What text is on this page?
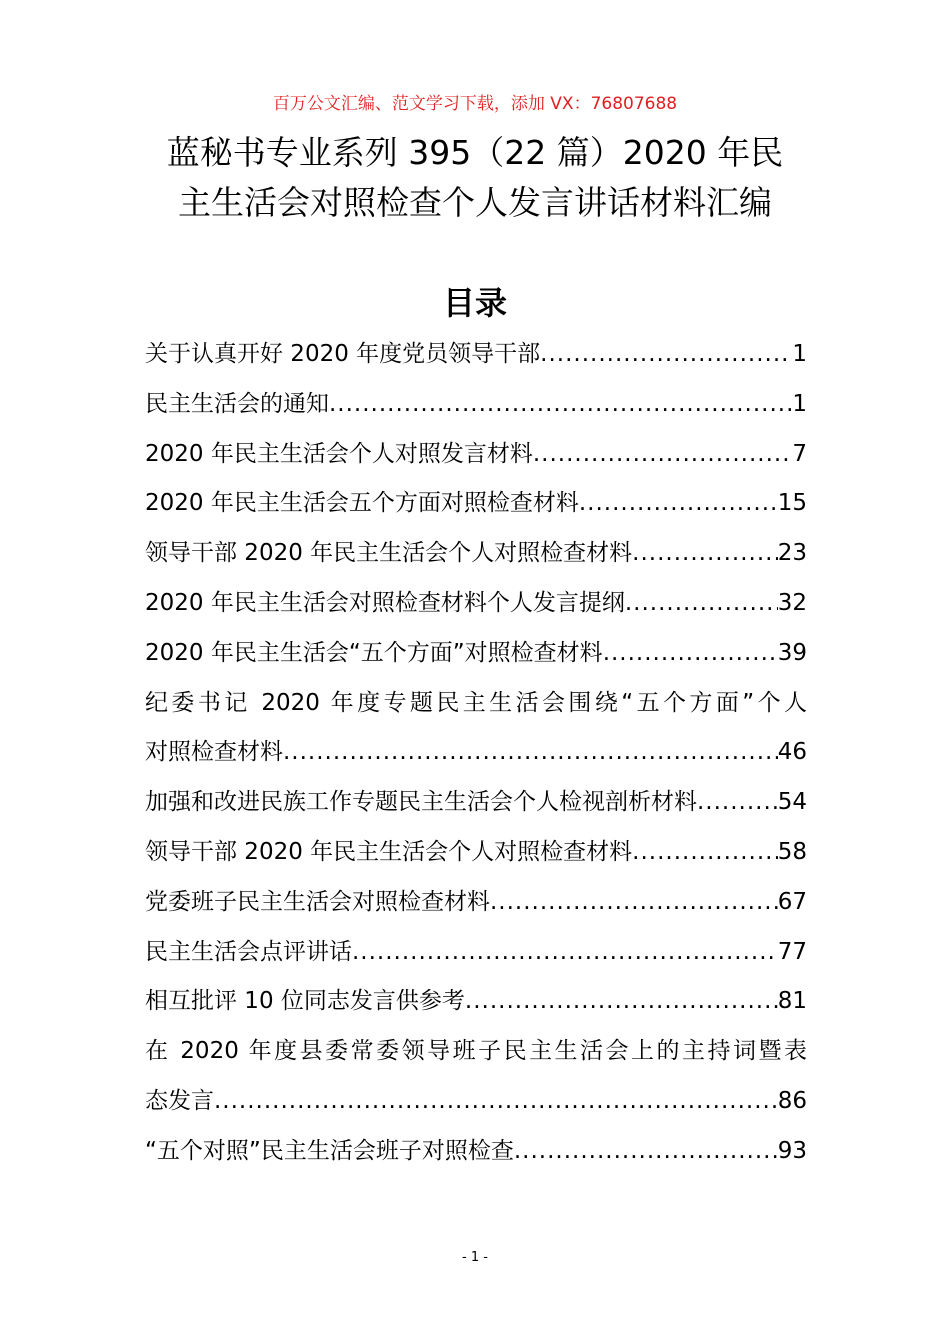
百万公文汇编、范文学习下载，添加 VX：76807688
蓝秘书专业系列 395（22 篇）2020 年民
主生活会对照检查个人发言讲话材料汇编
目录
关于认真开好 2020 年度党员领导干部 .....	1
民主生活会的通知 .....	1
2020 年民主生活会个人对照发言材料 .....	7
2020 年民主生活会五个方面对照检查材料 .....	15
领导干部 2020 年民主生活会个人对照检查材料 .....	23
2020 年民主生活会对照检查材料个人发言提纲 .....	32
2020 年民主生活会“五个方面”对照检查材料 .....	39
纪委书记 2020 年度专题民主生活会围绕“五个方面”个人
对照检查材料 .....	46
加强和改进民族工作专题民主生活会个人检视剖析材料 .....	54
领导干部 2020 年民主生活会个人对照检查材料 .....	58
党委班子民主生活会对照检查材料 .....	67
民主生活会点评讲话 .....	77
相互批评 10 位同志发言供参考 .....	81
在 2020 年度县委常委领导班子民主生活会上的主持词暨表
态发言 .....	86
“五个对照”民主生活会班子对照检查 .....	93
- 1 -
